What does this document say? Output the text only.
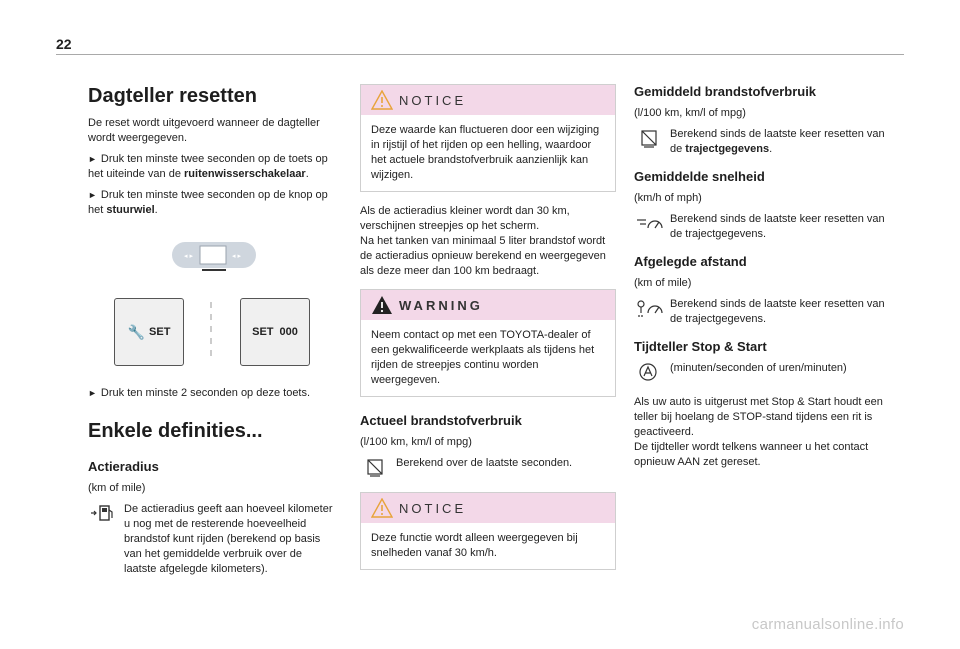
22
Dagteller resetten

De reset wordt uitgevoerd wanneer de dagteller wordt weergegeven.

► Druk ten minste twee seconden op de toets op het uiteinde van de ruitenwisserschakelaar.

► Druk ten minste twee seconden op de knop op het stuurwiel.

◂ ▸	◂ ▸
🔧 SET	SET 000

► Druk ten minste 2 seconden op deze toets.

Enkele definities...
Actieradius

(km of mile)

De actieradius geeft aan hoeveel kilometer u nog met de resterende hoeveelheid brandstof kunt rijden (berekend op basis van het gemiddelde verbruik over de laatste afgelegde kilometers).
NOTICE
Deze waarde kan fluctueren door een wijziging in rijstijl of het rijden op een helling, waardoor het actuele brandstofverbruik aanzienlijk kan wijzigen.

Als de actieradius kleiner wordt dan 30 km, verschijnen streepjes op het scherm.

Na het tanken van minimaal 5 liter brandstof wordt de actieradius opnieuw berekend en weergegeven als deze meer dan 100 km bedraagt.

WARNING
Neem contact op met een TOYOTA-dealer of een gekwalificeerde werkplaats als tijdens het rijden de streepjes continu worden weergegeven.
Actueel brandstofverbruik

(l/100 km, km/l of mpg)

Berekend over de laatste seconden.
NOTICE
Deze functie wordt alleen weergegeven bij snelheden vanaf 30 km/h.
Gemiddeld brandstofverbruik

(l/100 km, km/l of mpg)

Berekend sinds de laatste keer resetten van de trajectgegevens.
Gemiddelde snelheid

(km/h of mph)

Berekend sinds de laatste keer resetten van de trajectgegevens.
Afgelegde afstand

(km of mile)

Berekend sinds de laatste keer resetten van de trajectgegevens.
Tijdteller Stop & Start
(minuten/seconden of uren/minuten)

Als uw auto is uitgerust met Stop & Start houdt een teller bij hoelang de STOP-stand tijdens een rit is geactiveerd.

De tijdteller wordt telkens wanneer u het contact opnieuw AAN zet gereset.

carmanualsonline.info
